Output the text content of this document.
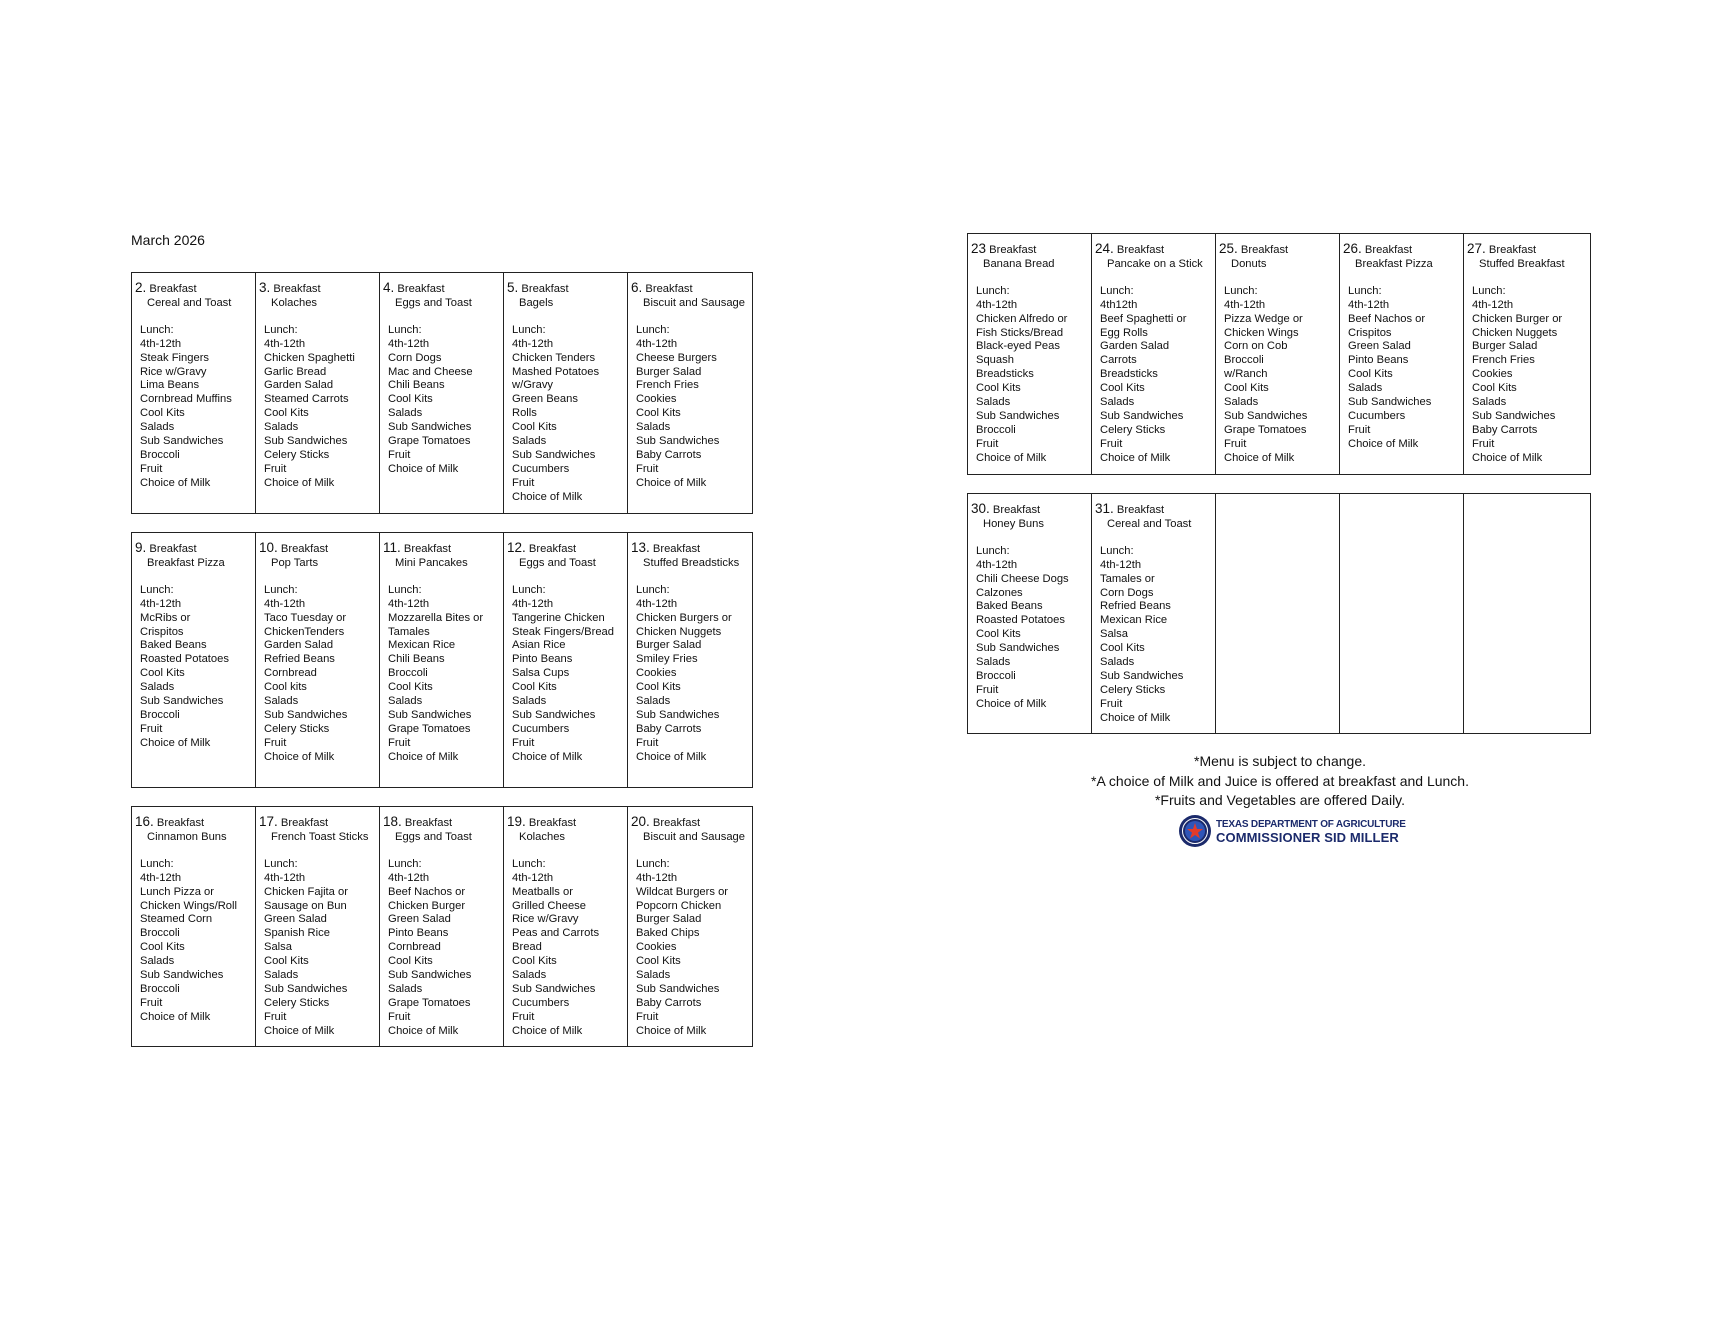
March 2026
2. Breakfast
Cereal and Toast
Lunch:
4th-12th
Steak Fingers
Rice w/Gravy
Lima Beans
Cornbread Muffins
Cool Kits
Salads
Sub Sandwiches
Broccoli
Fruit
Choice of Milk
3. Breakfast
Kolaches
Lunch:
4th-12th
Chicken Spaghetti
Garlic Bread
Garden Salad
Steamed Carrots
Cool Kits
Salads
Sub Sandwiches
Celery Sticks
Fruit
Choice of Milk
4. Breakfast
Eggs and Toast
Lunch:
4th-12th
Corn Dogs
Mac and Cheese
Chili Beans
Cool Kits
Salads
Sub Sandwiches
Grape Tomatoes
Fruit
Choice of Milk
5. Breakfast
Bagels
Lunch:
4th-12th
Chicken Tenders
Mashed Potatoes
w/Gravy
Green Beans
Rolls
Cool Kits
Salads
Sub Sandwiches
Cucumbers
Fruit
Choice of Milk
6. Breakfast
Biscuit and Sausage
Lunch:
4th-12th
Cheese Burgers
Burger Salad
French Fries
Cookies
Cool Kits
Salads
Sub Sandwiches
Baby Carrots
Fruit
Choice of Milk
9. Breakfast
Breakfast Pizza
Lunch:
4th-12th
McRibs or
Crispitos
Baked Beans
Roasted Potatoes
Cool Kits
Salads
Sub Sandwiches
Broccoli
Fruit
Choice of Milk
10. Breakfast
Pop Tarts
Lunch:
4th-12th
Taco Tuesday or
ChickenTenders
Garden Salad
Refried Beans
Cornbread
Cool kits
Salads
Sub Sandwiches
Celery Sticks
Fruit
Choice of Milk
11. Breakfast
Mini Pancakes
Lunch:
4th-12th
Mozzarella Bites or
Tamales
Mexican Rice
Chili Beans
Broccoli
Cool Kits
Salads
Sub Sandwiches
Grape Tomatoes
Fruit
Choice of Milk
12. Breakfast
Eggs and Toast
Lunch:
4th-12th
Tangerine Chicken
Steak Fingers/Bread
Asian Rice
Pinto Beans
Salsa Cups
Cool Kits
Salads
Sub Sandwiches
Cucumbers
Fruit
Choice of Milk
13. Breakfast
Stuffed Breadsticks
Lunch:
4th-12th
Chicken Burgers or
Chicken Nuggets
Burger Salad
Smiley Fries
Cookies
Cool Kits
Salads
Sub Sandwiches
Baby Carrots
Fruit
Choice of Milk
16. Breakfast
Cinnamon Buns
Lunch:
4th-12th
Lunch Pizza or
Chicken Wings/Roll
Steamed Corn
Broccoli
Cool Kits
Salads
Sub Sandwiches
Broccoli
Fruit
Choice of Milk
17. Breakfast
French Toast Sticks
Lunch:
4th-12th
Chicken Fajita or
Sausage on Bun
Green Salad
Spanish Rice
Salsa
Cool Kits
Salads
Sub Sandwiches
Celery Sticks
Fruit
Choice of Milk
18. Breakfast
Eggs and Toast
Lunch:
4th-12th
Beef Nachos or
Chicken Burger
Green Salad
Pinto Beans
Cornbread
Cool Kits
Sub Sandwiches
Salads
Grape Tomatoes
Fruit
Choice of Milk
19. Breakfast
Kolaches
Lunch:
4th-12th
Meatballs or
Grilled Cheese
Rice w/Gravy
Peas and Carrots
Bread
Cool Kits
Salads
Sub Sandwiches
Cucumbers
Fruit
Choice of Milk
20. Breakfast
Biscuit and Sausage
Lunch:
4th-12th
Wildcat Burgers or
Popcorn Chicken
Burger Salad
Baked Chips
Cookies
Cool Kits
Salads
Sub Sandwiches
Baby Carrots
Fruit
Choice of Milk
23 Breakfast
Banana Bread
Lunch:
4th-12th
Chicken Alfredo or
Fish Sticks/Bread
Black-eyed Peas
Squash
Breadsticks
Cool Kits
Salads
Sub Sandwiches
Broccoli
Fruit
Choice of Milk
24. Breakfast
Pancake on a Stick
Lunch:
4th12th
Beef Spaghetti or
Egg Rolls
Garden Salad
Carrots
Breadsticks
Cool Kits
Salads
Sub Sandwiches
Celery Sticks
Fruit
Choice of Milk
25. Breakfast
Donuts
Lunch:
4th-12th
Pizza Wedge or
Chicken Wings
Corn on Cob
Broccoli
w/Ranch
Cool Kits
Salads
Sub Sandwiches
Grape Tomatoes
Fruit
Choice of Milk
26. Breakfast
Breakfast Pizza
Lunch:
4th-12th
Beef Nachos or
Crispitos
Green Salad
Pinto Beans
Cool Kits
Salads
Sub Sandwiches
Cucumbers
Fruit
Choice of Milk
27. Breakfast
Stuffed Breakfast
Lunch:
4th-12th
Chicken Burger or
Chicken Nuggets
Burger Salad
French Fries
Cookies
Cool Kits
Salads
Sub Sandwiches
Baby Carrots
Fruit
Choice of Milk
30. Breakfast
Honey Buns
Lunch:
4th-12th
Chili Cheese Dogs
Calzones
Baked Beans
Roasted Potatoes
Cool Kits
Sub Sandwiches
Salads
Broccoli
Fruit
Choice of Milk
31. Breakfast
Cereal and Toast
Lunch:
4th-12th
Tamales or
Corn Dogs
Refried Beans
Mexican Rice
Salsa
Cool Kits
Salads
Sub Sandwiches
Celery Sticks
Fruit
Choice of Milk
*Menu is subject to change.
*A choice of Milk and Juice is offered at breakfast and Lunch.
*Fruits and Vegetables are offered Daily.
TEXAS DEPARTMENT OF AGRICULTURE
COMMISSIONER SID MILLER
